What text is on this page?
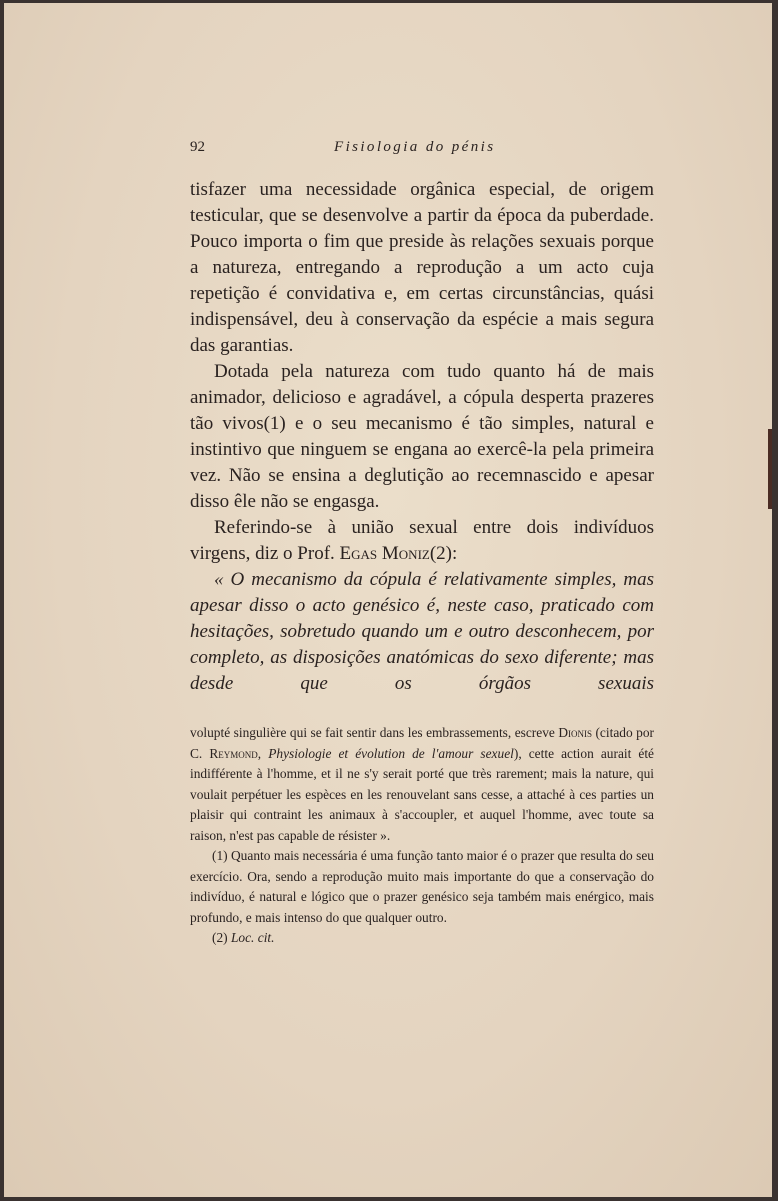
92	Fisiologia do pénis

tisfazer uma necessidade orgânica especial, de origem testicular, que se desenvolve a partir da época da puberdade. Pouco importa o fim que preside às relações sexuais porque a natureza, entregando a reprodução a um acto cuja repetição é convidativa e, em certas circunstâncias, quási indispensável, deu à conservação da espécie a mais segura das garantias.

Dotada pela natureza com tudo quanto há de mais animador, delicioso e agradável, a cópula desperta prazeres tão vivos(1) e o seu mecanismo é tão simples, natural e instintivo que ninguem se engana ao exercê-la pela primeira vez. Não se ensina a deglutição ao recemnascido e apesar disso êle não se engasga.

Referindo-se à união sexual entre dois indivíduos virgens, diz o Prof. Egas Moniz(2):

« O mecanismo da cópula é relativamente simples, mas apesar disso o acto genésico é, neste caso, praticado com hesitações, sobretudo quando um e outro desconhecem, por completo, as disposições anatómicas do sexo diferente; mas desde que os órgãos sexuais

volupté singulière qui se fait sentir dans les embrassements, escreve Dionis (citado por C. Reymond, Physiologie et évolution de l'amour sexuel), cette action aurait été indifférente à l'homme, et il ne s'y serait porté que très rarement; mais la nature, qui voulait perpétuer les espèces en les renouvelant sans cesse, a attaché à ces parties un plaisir qui contraint les animaux à s'accoupler, et auquel l'homme, avec toute sa raison, n'est pas capable de résister ».

(1) Quanto mais necessária é uma função tanto maior é o prazer que resulta do seu exercício. Ora, sendo a reprodução muito mais importante do que a conservação do indivíduo, é natural e lógico que o prazer genésico seja também mais enérgico, mais profundo, e mais intenso do que qualquer outro.

(2) Loc. cit.
